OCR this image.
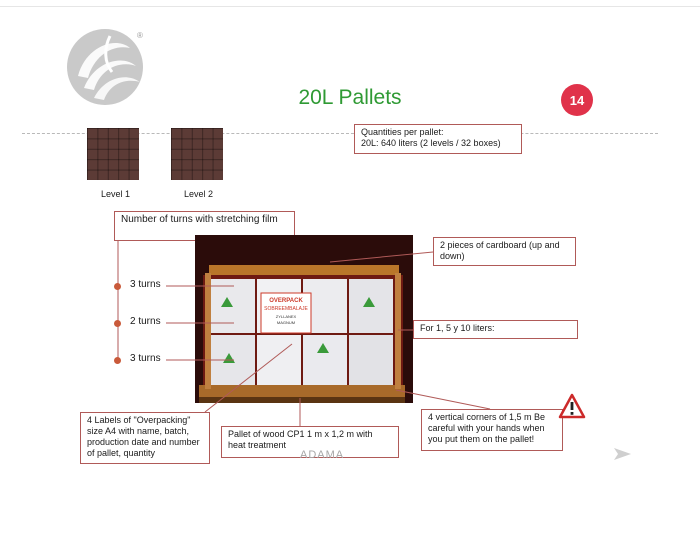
®
20L Pallets	14
Quantities per pallet:
20L: 640 liters (2 levels / 32 boxes)
Level 1	Level 2
Number of turns with stretching film
OVERPACK
SOBREEMBALAJE
ZYLLANEX
MAGNUM
3 turns
2 turns
3 turns
2 pieces of cardboard (up and down)
For 1, 5 y 10 liters:
4 Labels of "Overpacking" size A4 with name, batch, production date and number of pallet, quantity
Pallet of wood CP1 1 m x 1,2 m with heat treatment
4 vertical corners of 1,5 m Be careful with your hands when you put them on the pallet!
ADAMA
